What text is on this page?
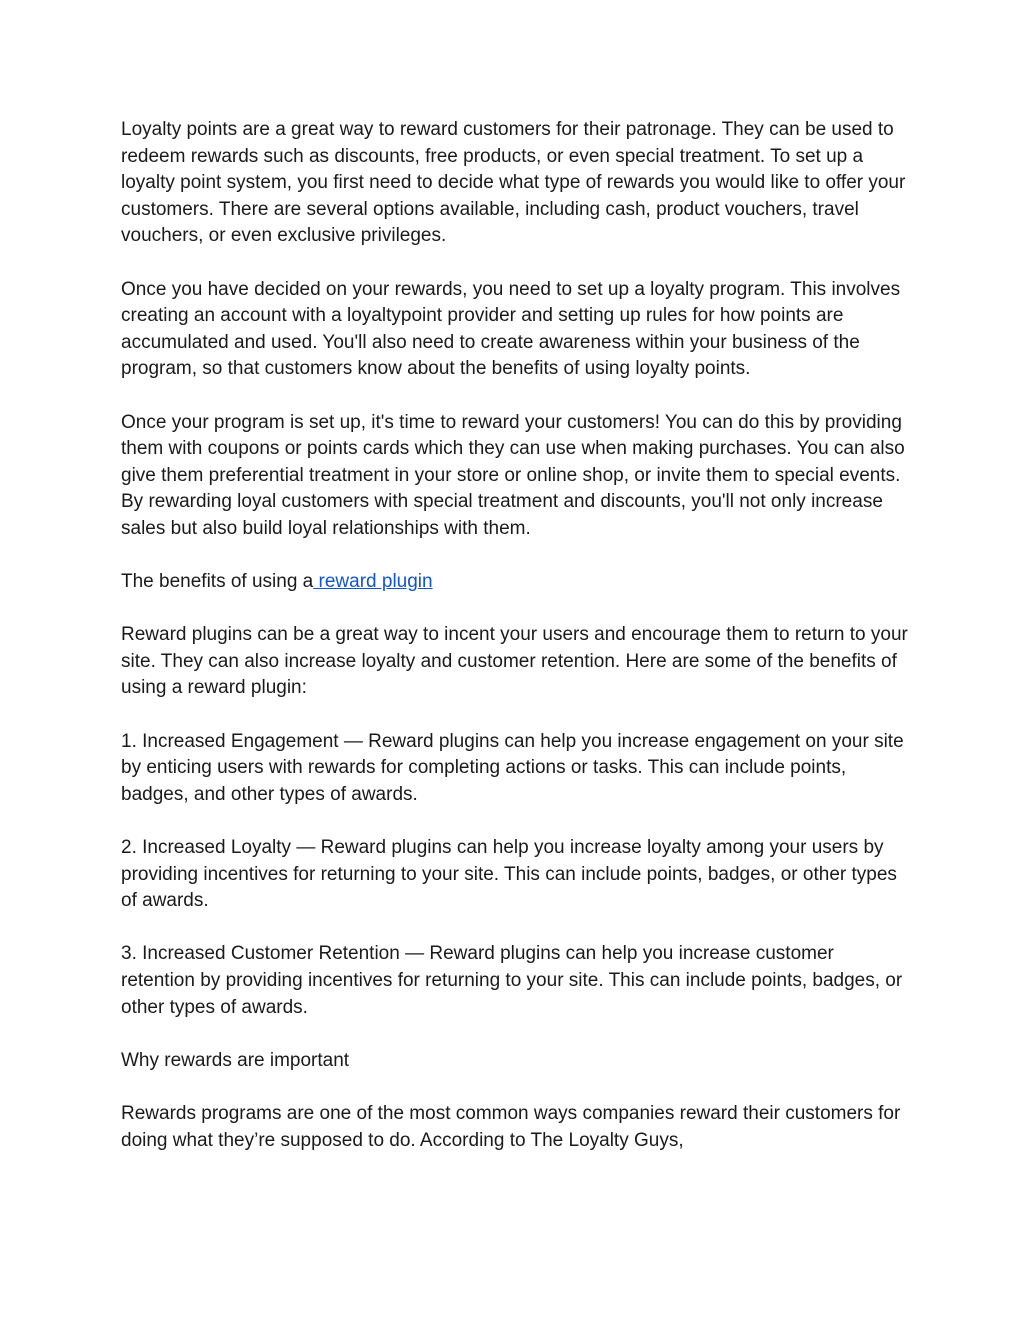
Loyalty points are a great way to reward customers for their patronage. They can be used to redeem rewards such as discounts, free products, or even special treatment. To set up a loyalty point system, you first need to decide what type of rewards you would like to offer your customers. There are several options available, including cash, product vouchers, travel vouchers, or even exclusive privileges.

Once you have decided on your rewards, you need to set up a loyalty program. This involves creating an account with a loyaltypoint provider and setting up rules for how points are accumulated and used. You'll also need to create awareness within your business of the program, so that customers know about the benefits of using loyalty points.

Once your program is set up, it's time to reward your customers! You can do this by providing them with coupons or points cards which they can use when making purchases. You can also give them preferential treatment in your store or online shop, or invite them to special events. By rewarding loyal customers with special treatment and discounts, you'll not only increase sales but also build loyal relationships with them.

The benefits of using a reward plugin

Reward plugins can be a great way to incent your users and encourage them to return to your site. They can also increase loyalty and customer retention. Here are some of the benefits of using a reward plugin:

1. Increased Engagement — Reward plugins can help you increase engagement on your site by enticing users with rewards for completing actions or tasks. This can include points, badges, and other types of awards.

2. Increased Loyalty — Reward plugins can help you increase loyalty among your users by providing incentives for returning to your site. This can include points, badges, or other types of awards.

3. Increased Customer Retention — Reward plugins can help you increase customer retention by providing incentives for returning to your site. This can include points, badges, or other types of awards.

Why rewards are important

Rewards programs are one of the most common ways companies reward their customers for doing what they’re supposed to do. According to The Loyalty Guys,
